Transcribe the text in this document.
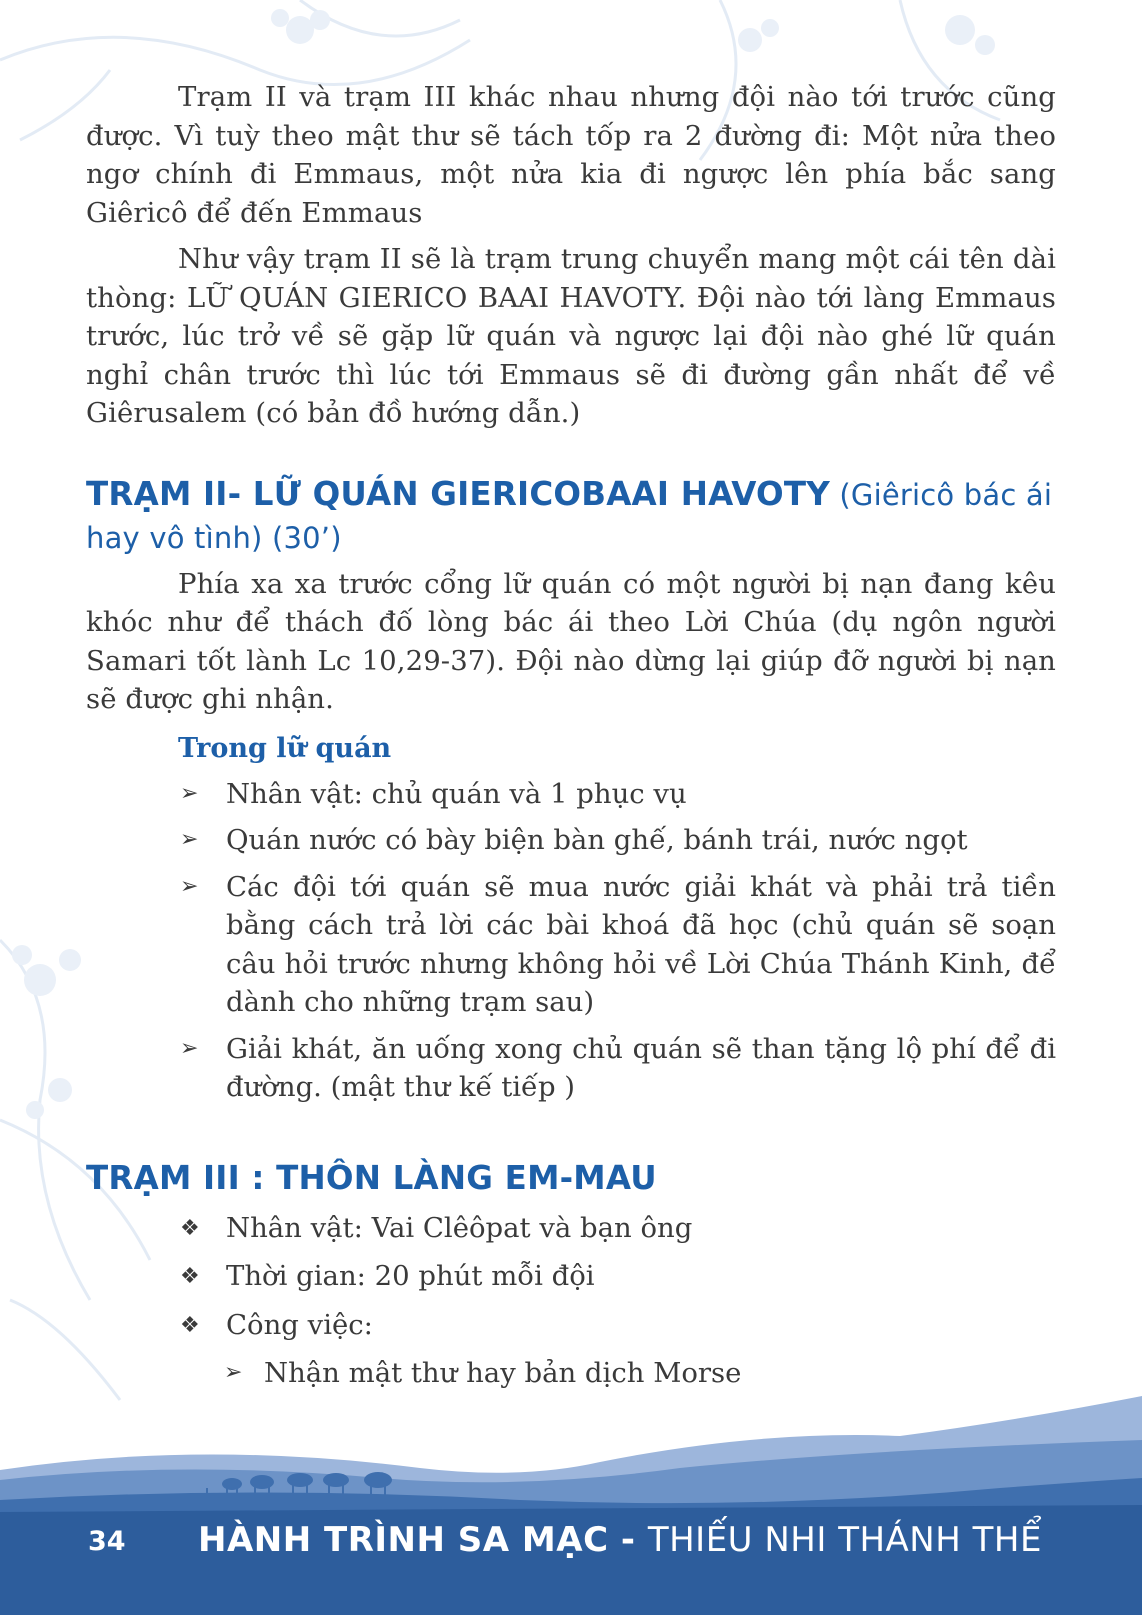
Trạm II và trạm III khác nhau nhưng đội nào tới trước cũng được. Vì tuỳ theo mật thư sẽ tách tốp ra 2 đường đi: Một nửa theo ngơ chính đi Emmaus, một nửa kia đi ngược lên phía bắc sang Giêricô để đến Emmaus

Như vậy trạm II sẽ là trạm trung chuyển mang một cái tên dài thòng: LỮ QUÁN GIERICO BAAI HAVOTY. Đội nào tới làng Emmaus trước, lúc trở về sẽ gặp lữ quán và ngược lại đội nào ghé lữ quán nghỉ chân trước thì lúc tới Emmaus sẽ đi đường gần nhất để về Giêrusalem (có bản đồ hướng dẫn.)

TRẠM II- LỮ QUÁN GIERICOBAAI HAVOTY (Giêricô bác ái hay vô tình) (30’)

Phía xa xa trước cổng lữ quán có một người bị nạn đang kêu khóc như để thách đố lòng bác ái theo Lời Chúa (dụ ngôn người Samari tốt lành Lc 10,29-37). Đội nào dừng lại giúp đỡ người bị nạn sẽ được ghi nhận.

Trong lữ quán
➢ Nhân vật: chủ quán và 1 phục vụ
➢ Quán nước có bày biện bàn ghế, bánh trái, nước ngọt
➢ Các đội tới quán sẽ mua nước giải khát và phải trả tiền bằng cách trả lời các bài khoá đã học (chủ quán sẽ soạn câu hỏi trước nhưng không hỏi về Lời Chúa Thánh Kinh, để dành cho những trạm sau)
➢ Giải khát, ăn uống xong chủ quán sẽ than tặng lộ phí để đi đường. (mật thư kế tiếp )
TRẠM III : THÔN LÀNG EM-MAU
❖ Nhân vật: Vai Clêôpat và bạn ông
❖ Thời gian: 20 phút mỗi đội
❖ Công việc:
➢ Nhận mật thư hay bản dịch Morse
34 HÀNH TRÌNH SA MẠC - THIẾU NHI THÁNH THỂ
